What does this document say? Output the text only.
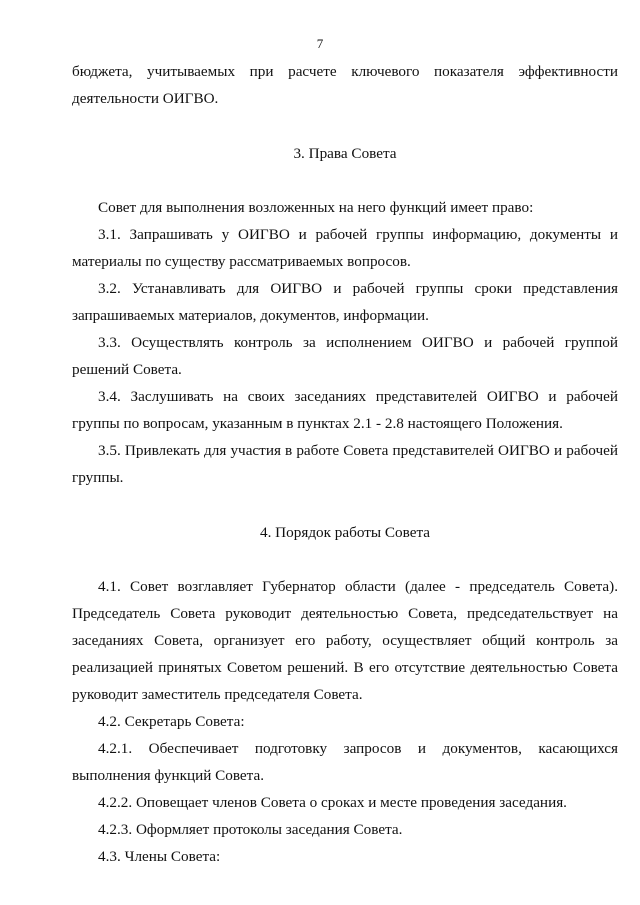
7
бюджета, учитываемых при расчете ключевого показателя эффективности
деятельности ОИГВО.
3. Права Совета
Совет для выполнения возложенных на него функций имеет право:
3.1. Запрашивать у ОИГВО и рабочей группы информацию, документы и
материалы по существу рассматриваемых вопросов.
3.2. Устанавливать для ОИГВО и рабочей группы сроки представления
запрашиваемых материалов, документов, информации.
3.3. Осуществлять контроль за исполнением ОИГВО и рабочей группой
решений Совета.
3.4. Заслушивать на своих заседаниях представителей ОИГВО и рабочей
группы по вопросам, указанным в пунктах 2.1 - 2.8 настоящего Положения.
3.5. Привлекать для участия в работе Совета представителей ОИГВО и рабочей
группы.
4. Порядок работы Совета
4.1. Совет возглавляет Губернатор области (далее - председатель Совета).
Председатель Совета руководит деятельностью Совета, председательствует на
заседаниях Совета, организует его работу, осуществляет общий контроль за
реализацией принятых Советом решений. В его отсутствие деятельностью Совета
руководит заместитель председателя Совета.
4.2. Секретарь Совета:
4.2.1. Обеспечивает подготовку запросов и документов, касающихся
выполнения функций Совета.
4.2.2. Оповещает членов Совета о сроках и месте проведения заседания.
4.2.3. Оформляет протоколы заседания Совета.
4.3. Члены Совета:
